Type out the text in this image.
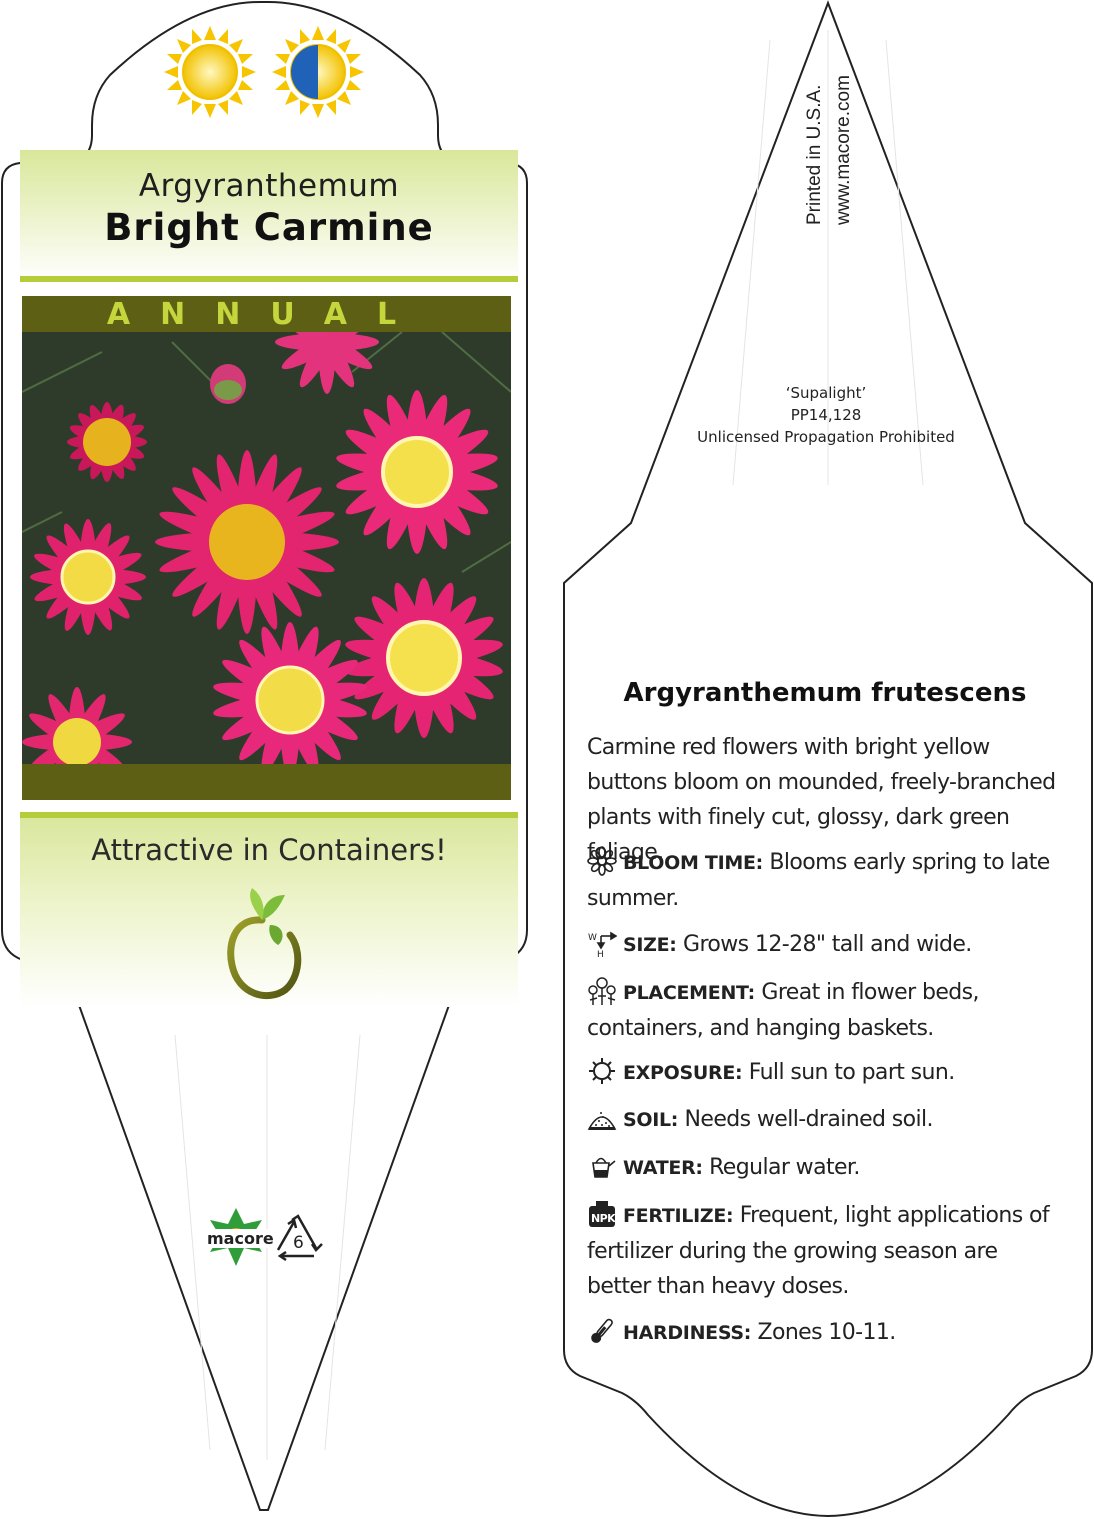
Argyranthemum
Bright Carmine
ANNUAL
Attractive in Containers!
macore 6
Printed in U.S.A. www.macore.com
‘Supalight’
PP14,128
Unlicensed Propagation Prohibited
Argyranthemum frutescens
Carmine red flowers with bright yellow buttons bloom on mounded, freely-branched plants with finely cut, glossy, dark green foliage.
BLOOM TIME: Blooms early spring to late summer.
W
H SIZE: Grows 12-28" tall and wide.
PLACEMENT: Great in flower beds, containers, and hanging baskets.
EXPOSURE: Full sun to part sun.
SOIL: Needs well-drained soil.
WATER: Regular water.
NPK FERTILIZE: Frequent, light applications of fertilizer during the growing season are better than heavy doses.
HARDINESS: Zones 10-11.
